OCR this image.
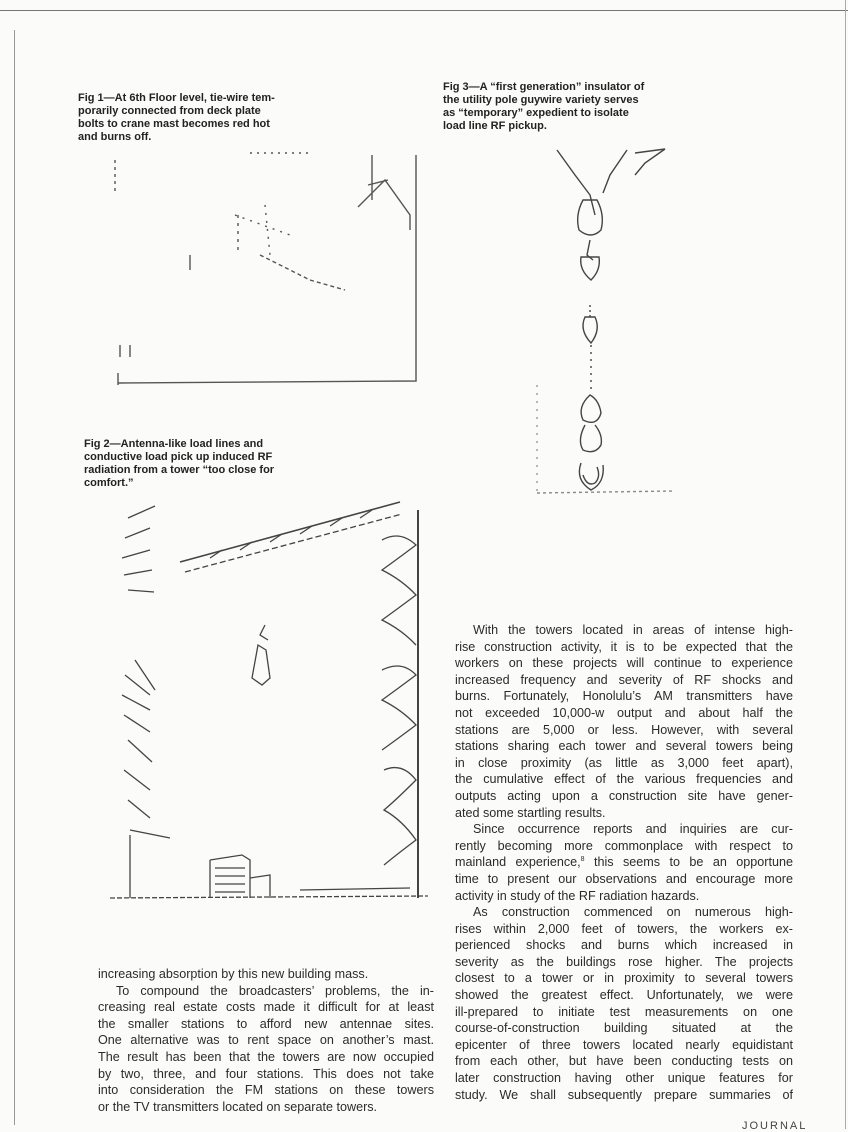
Fig 1—At 6th Floor level, tie-wire tem-
porarily connected from deck plate
bolts to crane mast becomes red hot
and burns off.
Fig 2—Antenna-like load lines and
conductive load pick up induced RF
radiation from a tower “too close for
comfort.”
Fig 3—A “first generation” insulator of
the utility pole guywire variety serves
as “temporary” expedient to isolate
load line RF pickup.

With the towers located in areas of intense high-
rise construction activity, it is to be expected that the
workers on these projects will continue to experience
increased frequency and severity of RF shocks and
burns. Fortunately, Honolulu’s AM transmitters have
not exceeded 10,000-w output and about half the
stations are 5,000 or less. However, with several
stations sharing each tower and several towers being
in close proximity (as little as 3,000 feet apart),
the cumulative effect of the various frequencies and
outputs acting upon a construction site have gener-
ated some startling results.

Since occurrence reports and inquiries are cur-
rently becoming more commonplace with respect to
mainland experience,$^8$ this seems to be an opportune
time to present our observations and encourage more
activity in study of the RF radiation hazards.

As construction commenced on numerous high-
rises within 2,000 feet of towers, the workers ex-
perienced shocks and burns which increased in
severity as the buildings rose higher. The projects
closest to a tower or in proximity to several towers
showed the greatest effect. Unfortunately, we were
ill-prepared to initiate test measurements on one
course-of-construction building situated at the
epicenter of three towers located nearly equidistant
from each other, but have been conducting tests on
later construction having other unique features for
study. We shall subsequently prepare summaries of

increasing absorption by this new building mass.

To compound the broadcasters’ problems, the in-
creasing real estate costs made it difficult for at least
the smaller stations to afford new antennae sites.
One alternative was to rent space on another’s mast.
The result has been that the towers are now occupied
by two, three, and four stations. This does not take
into consideration the FM stations on these towers
or the TV transmitters located on separate towers.

JOURNAL
